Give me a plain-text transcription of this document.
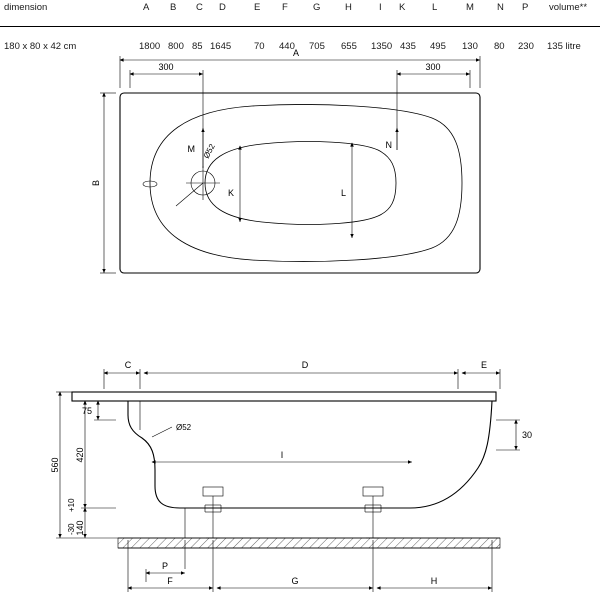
dimension	A B C D	E F	G	H	I K	L	M N P volume**
180 x 80 x 42 cm	1800 800 85 1645 70 440 705 655 1350 435 495 130 80 230 135 litre
Ø52
A
300	300
B
M	N
K	L
Ø52
C	D	E
I
75
420
560
140
+10
-30
30
P
F	G	H
